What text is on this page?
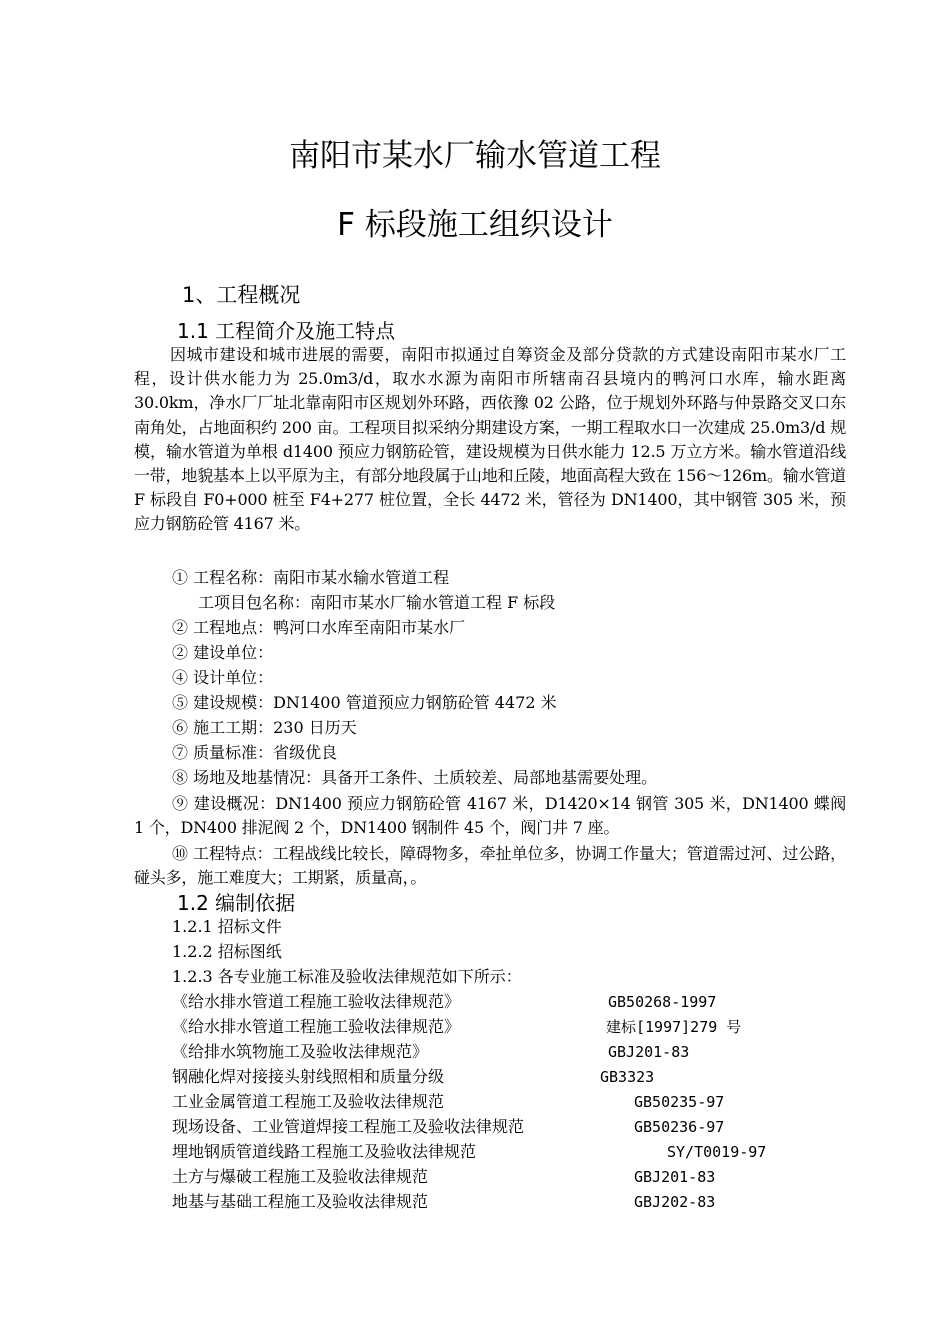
南阳市某水厂输水管道工程
F 标段施工组织设计
1、工程概况
1.1 工程简介及施工特点
因城市建设和城市进展的需要，南阳市拟通过自筹资金及部分贷款的方式建设南阳市某水厂工程，设计供水能力为 25.0m3/d，取水水源为南阳市所辖南召县境内的鸭河口水库，输水距离 30.0km，净水厂厂址北靠南阳市区规划外环路，西依豫 02 公路，位于规划外环路与仲景路交叉口东南角处，占地面积约 200 亩。工程项目拟采纳分期建设方案，一期工程取水口一次建成 25.0m3/d 规模，输水管道为单根 d1400 预应力钢筋砼管，建设规模为日供水能力 12.5 万立方米。输水管道沿线一带，地貌基本上以平原为主，有部分地段属于山地和丘陵，地面高程大致在 156～126m。输水管道 F 标段自 F0+000 桩至 F4+277 桩位置，全长 4472 米，管径为 DN1400，其中钢管 305 米，预应力钢筋砼管 4167 米。
① 工程名称：南阳市某水输水管道工程
工项目包名称：南阳市某水厂输水管道工程 F 标段
② 工程地点：鸭河口水库至南阳市某水厂
② 建设单位：
④ 设计单位：
⑤ 建设规模：DN1400 管道预应力钢筋砼管 4472 米
⑥ 施工工期：230 日历天
⑦ 质量标准：省级优良
⑧ 场地及地基情况：具备开工条件、土质较差、局部地基需要处理。
⑨ 建设概况：DN1400 预应力钢筋砼管 4167 米，D1420×14 钢管 305 米，DN1400 蝶阀 1 个，DN400 排泥阀 2 个，DN1400 钢制件 45 个，阀门井 7 座。
⑩ 工程特点：工程战线比较长，障碍物多，牵扯单位多，协调工作量大；管道需过河、过公路，碰头多，施工难度大；工期紧，质量高，。
1.2 编制依据
1.2.1 招标文件
1.2.2 招标图纸
1.2.3 各专业施工标准及验收法律规范如下所示：
《给水排水管道工程施工验收法律规范》	GB50268-1997
《给水排水管道工程施工验收法律规范》	建标[1997]279 号
《给排水筑物施工及验收法律规范》	GBJ201-83
钢融化焊对接接头射线照相和质量分级	GB3323
工业金属管道工程施工及验收法律规范	GB50235-97
现场设备、工业管道焊接工程施工及验收法律规范	GB50236-97
埋地钢质管道线路工程施工及验收法律规范	SY/T0019-97
土方与爆破工程施工及验收法律规范	GBJ201-83
地基与基础工程施工及验收法律规范	GBJ202-83
